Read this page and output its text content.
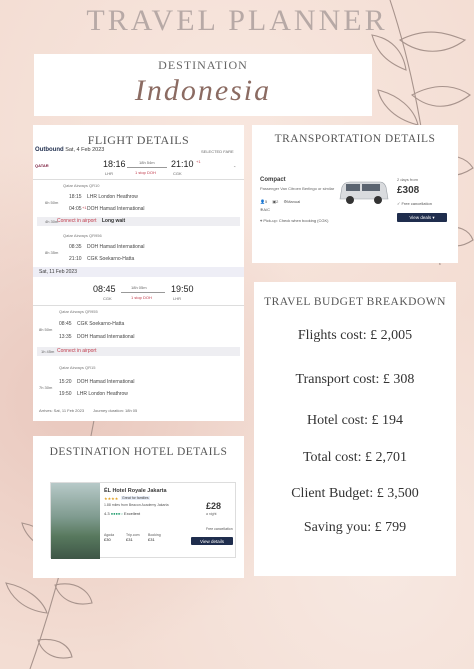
TRAVEL PLANNER
DESTINATION
Indonesia
FLIGHT DETAILS
Outbound Sat, 4 Feb 2023	SELECTED FARE
QATAR	18:16	21:10 +1
18h 54m
1 stop DOH
LHR	CGK
⌃
Qatar Airways QR10
18:15 LHR London Heathrow
6h 50m
04:05 +1 DOH Hamad International
Connect in airport Long wait
4h 30m
Qatar Airways QR956
08:35 DOH Hamad International
8h 35m
21:10 CGK Soekarno-Hatta
Sat, 11 Feb 2023
08:45	19:50
18h 05m
1 stop DOH
CGK	LHR
Qatar Airways QR955
08:45 CGK Soekarno-Hatta
8h 50m
13:35 DOH Hamad International
Connect in airport
1h 45m
Qatar Airways QR15
15:20 DOH Hamad International
7h 30m
19:50 LHR London Heathrow
Arrives: Sat, 11 Feb 2023 Journey duration: 18h 05
TRANSPORTATION DETAILS
Compact
Passenger Van Citroen Berlingo or similar
👤5 ▣2 ⚙Manual
❄A/C
⌖ Pick-up: Check when booking (CGK)
2 days from
£308
✓ Free cancellation
View deals ▾
TRAVEL BUDGET BREAKDOWN
Flights cost: £ 2,005
Transport cost: £ 308
Hotel cost: £ 194
Total cost: £ 2,701
Client Budget: £ 3,500
Saving you: £ 799
DESTINATION HOTEL DETAILS
ÉL Hotel Royale Jakarta
★★★★ Great for families
1.88 miles from Beacon Academy Jakarta
4.3 ●●●●○ Excellent
£28
a night
Free cancellation
Agoda
£30
Trip.com
£31
Booking
£31	View details
